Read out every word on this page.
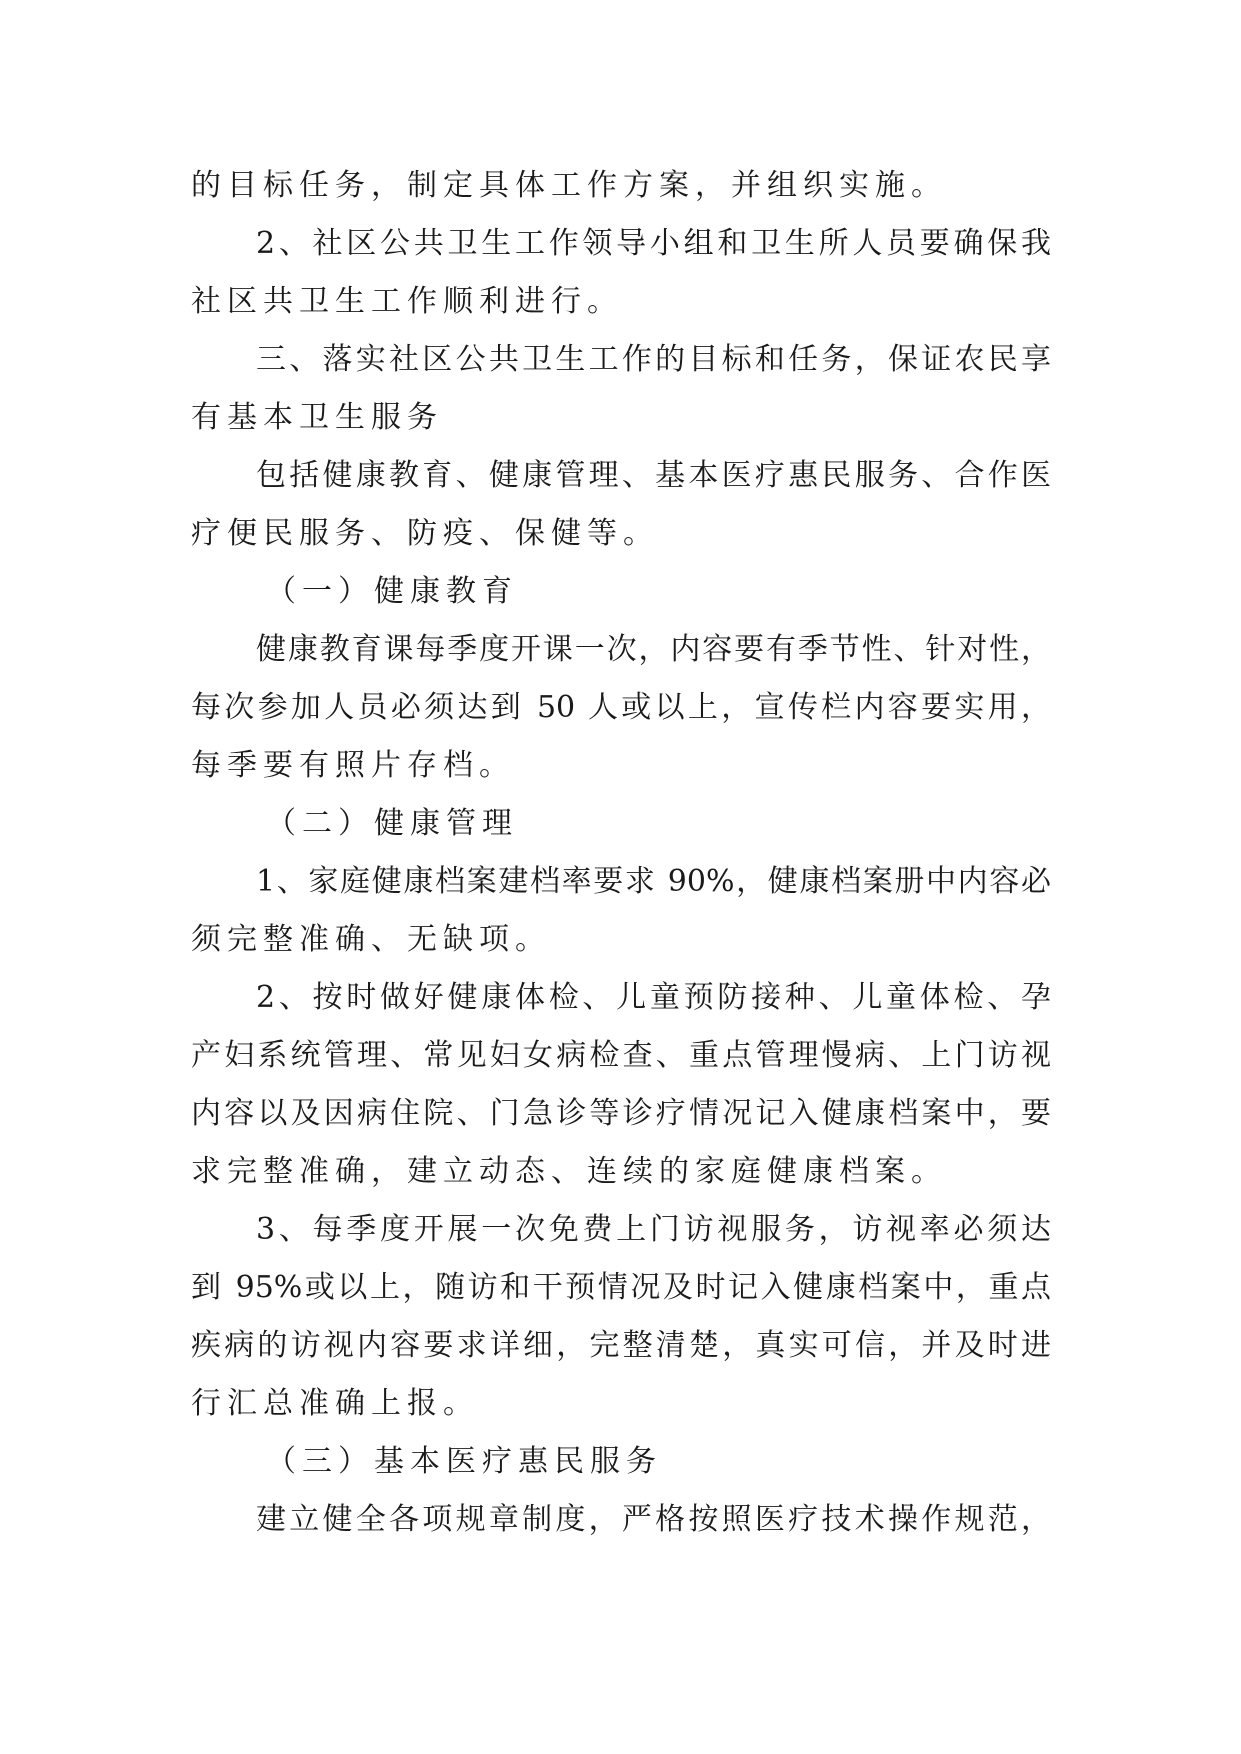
的目标任务，制定具体工作方案，并组织实施。
2、社区公共卫生工作领导小组和卫生所人员要确保我
社区共卫生工作顺利进行。
三、落实社区公共卫生工作的目标和任务，保证农民享
有基本卫生服务
包括健康教育、健康管理、基本医疗惠民服务、合作医
疗便民服务、防疫、保健等。
（一）健康教育
健康教育课每季度开课一次，内容要有季节性、针对性，
每次参加人员必须达到 50 人或以上，宣传栏内容要实用，
每季要有照片存档。
（二）健康管理
1、家庭健康档案建档率要求 90%，健康档案册中内容必
须完整准确、无缺项。
2、按时做好健康体检、儿童预防接种、儿童体检、孕
产妇系统管理、常见妇女病检查、重点管理慢病、上门访视
内容以及因病住院、门急诊等诊疗情况记入健康档案中，要
求完整准确，建立动态、连续的家庭健康档案。
3、每季度开展一次免费上门访视服务，访视率必须达
到 95%或以上，随访和干预情况及时记入健康档案中，重点
疾病的访视内容要求详细，完整清楚，真实可信，并及时进
行汇总准确上报。
（三）基本医疗惠民服务
建立健全各项规章制度，严格按照医疗技术操作规范，
